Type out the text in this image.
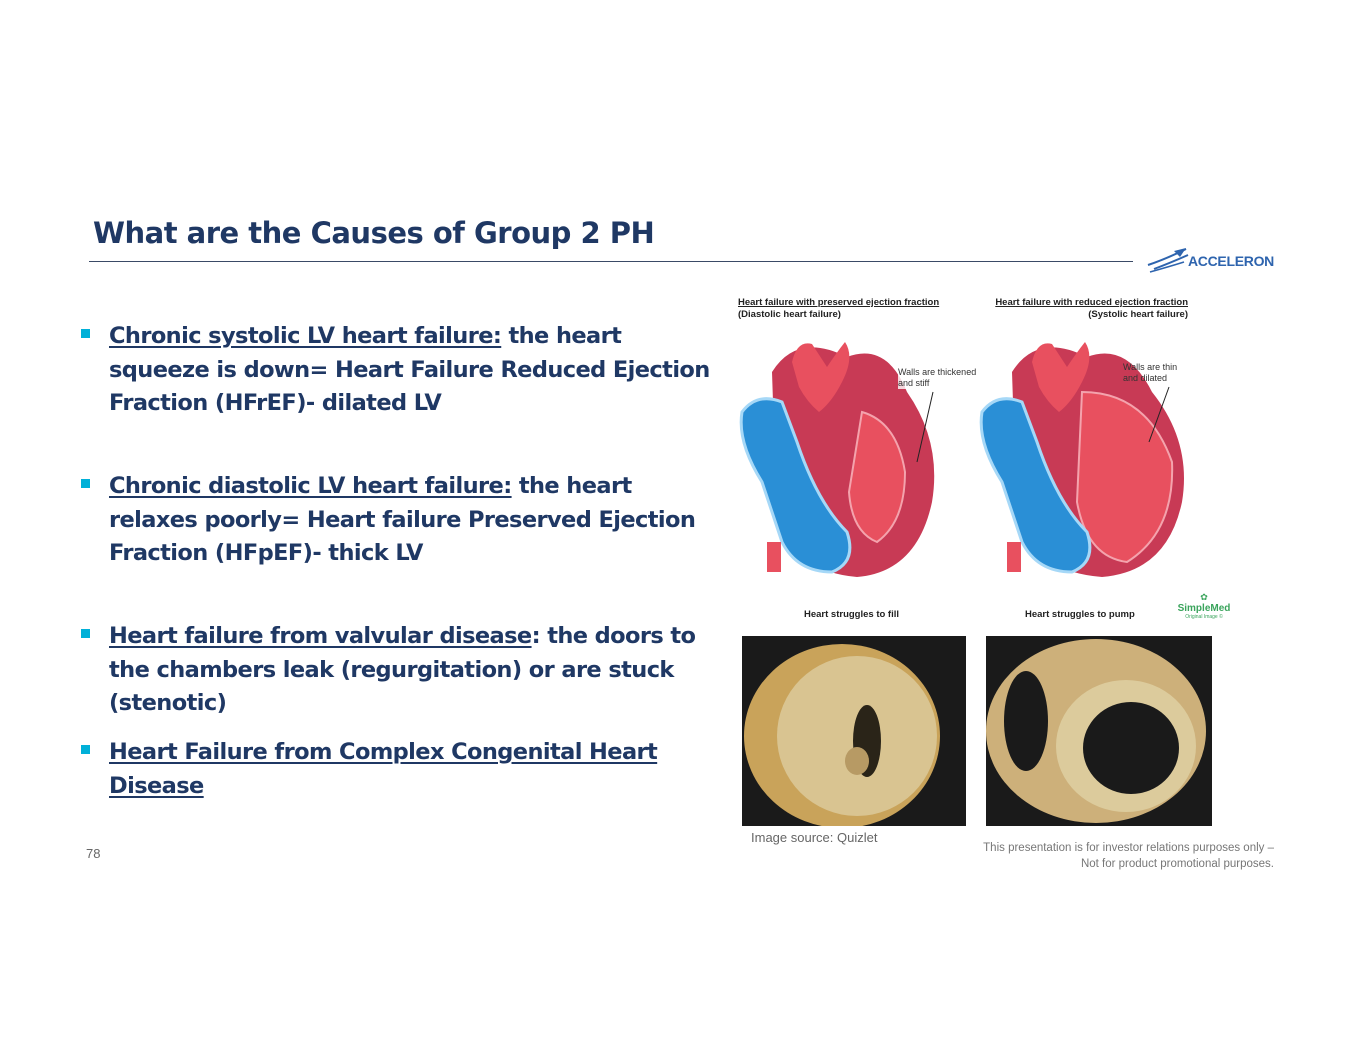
What are the Causes of Group 2 PH
ACCELERON
Chronic systolic LV heart failure: the heart squeeze is down= Heart Failure Reduced Ejection Fraction (HFrEF)- dilated LV
Chronic diastolic LV heart failure: the heart relaxes poorly= Heart failure Preserved Ejection Fraction (HFpEF)- thick LV
Heart failure from valvular disease: the doors to the chambers leak (regurgitation) or are stuck (stenotic)
Heart Failure from Complex Congenital Heart Disease
Heart failure with preserved ejection fraction
(Diastolic heart failure)
Heart failure with reduced ejection fraction
(Systolic heart failure)
Walls are thickened
and stiff
Walls are thin
and dilated
Heart struggles to fill	Heart struggles to pump
✿
SimpleMed
Original Image ©
Image source: Quizlet
78	This presentation is for investor relations purposes only –
Not for product promotional purposes.
